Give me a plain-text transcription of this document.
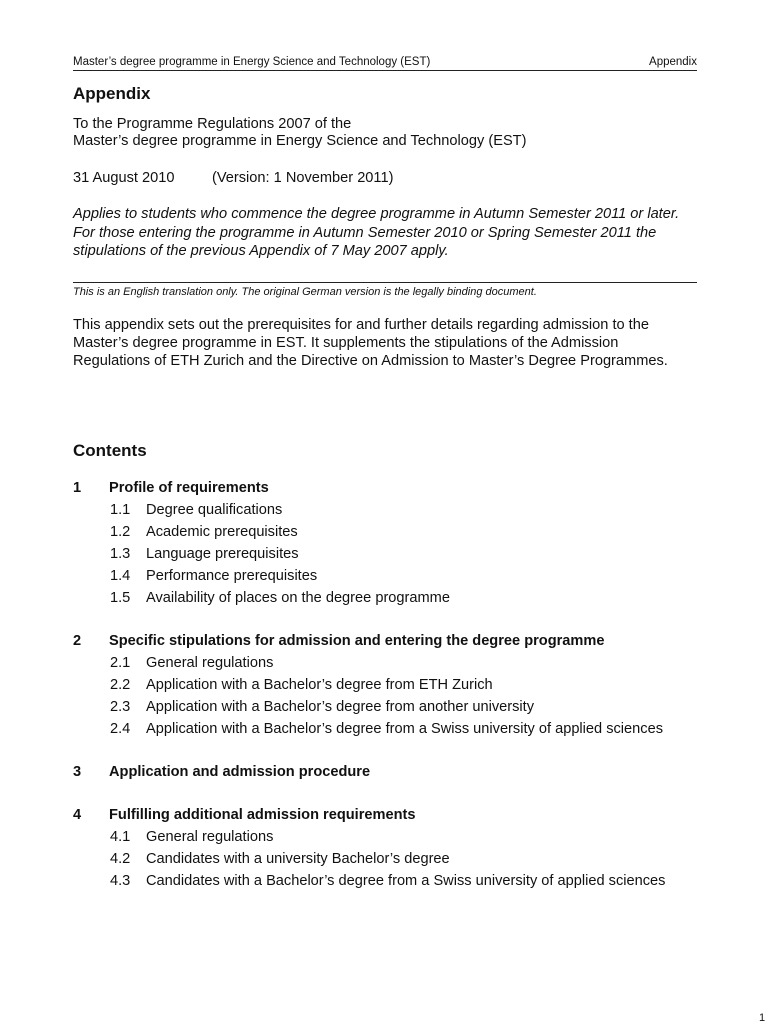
Master’s degree programme in Energy Science and Technology (EST)	Appendix
Appendix

To the Programme Regulations 2007 of the
Master’s degree programme in Energy Science and Technology (EST)

31 August 2010	(Version: 1 November 2011)

Applies to students who commence the degree programme in Autumn Semester 2011 or later. For those entering the programme in Autumn Semester 2010 or Spring Semester 2011 the stipulations of the previous Appendix of 7 May 2007 apply.

This is an English translation only. The original German version is the legally binding document.

This appendix sets out the prerequisites for and further details regarding admission to the Master’s degree programme in EST. It supplements the stipulations of the Admission Regulations of ETH Zurich and the Directive on Admission to Master’s Degree Programmes.

Contents
1 Profile of requirements
1.1 Degree qualifications
1.2 Academic prerequisites
1.3 Language prerequisites
1.4 Performance prerequisites
1.5 Availability of places on the degree programme
2 Specific stipulations for admission and entering the degree programme
2.1 General regulations
2.2 Application with a Bachelor’s degree from ETH Zurich
2.3 Application with a Bachelor’s degree from another university
2.4 Application with a Bachelor’s degree from a Swiss university of applied sciences
3 Application and admission procedure
4 Fulfilling additional admission requirements
4.1 General regulations
4.2 Candidates with a university Bachelor’s degree
4.3 Candidates with a Bachelor’s degree from a Swiss university of applied sciences
1
